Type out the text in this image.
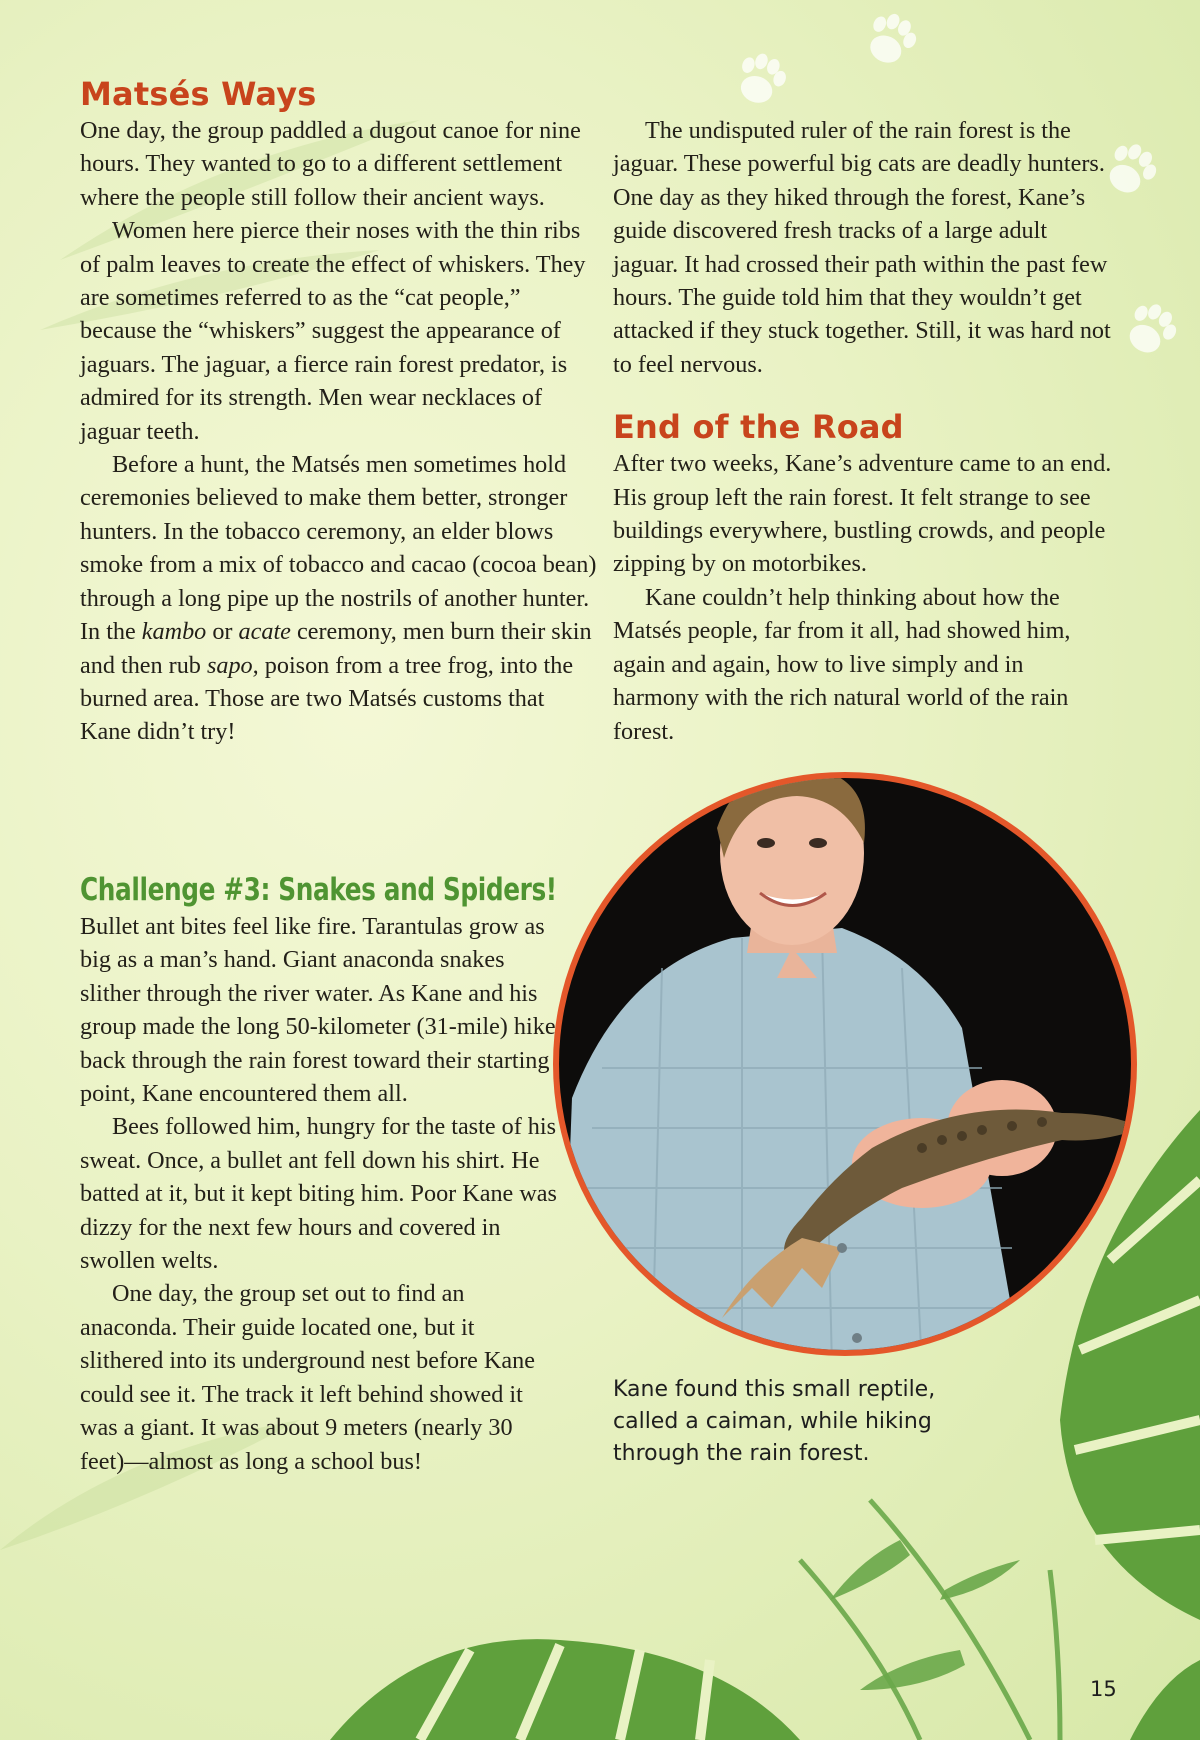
Matsés Ways

One day, the group paddled a dugout canoe for nine hours. They wanted to go to a different settlement where the people still follow their ancient ways.

Women here pierce their noses with the thin ribs of palm leaves to create the effect of whiskers. They are sometimes referred to as the “cat people,” because the “whiskers” suggest the appearance of jaguars. The jaguar, a fierce rain forest predator, is admired for its strength. Men wear necklaces of jaguar teeth.

Before a hunt, the Matsés men sometimes hold ceremonies believed to make them better, stronger hunters. In the tobacco ceremony, an elder blows smoke from a mix of tobacco and cacao (cocoa bean) through a long pipe up the nostrils of another hunter. In the kambo or acate ceremony, men burn their skin and then rub sapo, poison from a tree frog, into the burned area. Those are two Matsés customs that Kane didn’t try!

The undisputed ruler of the rain forest is the jaguar. These powerful big cats are deadly hunters. One day as they hiked through the forest, Kane’s guide discovered fresh tracks of a large adult jaguar. It had crossed their path within the past few hours. The guide told him that they wouldn’t get attacked if they stuck together. Still, it was hard not to feel nervous.

End of the Road

After two weeks, Kane’s adventure came to an end. His group left the rain forest. It felt strange to see buildings everywhere, bustling crowds, and people zipping by on motorbikes.

Kane couldn’t help thinking about how the Matsés people, far from it all, had showed him, again and again, how to live simply and in harmony with the rich natural world of the rain forest.

Challenge #3: Snakes and Spiders!

Bullet ant bites feel like fire. Tarantulas grow as big as a man’s hand. Giant anaconda snakes slither through the river water. As Kane and his group made the long 50-kilometer (31-mile) hike back through the rain forest toward their starting point, Kane encountered them all.

Bees followed him, hungry for the taste of his sweat. Once, a bullet ant fell down his shirt. He batted at it, but it kept biting him. Poor Kane was dizzy for the next few hours and covered in swollen welts.

One day, the group set out to find an anaconda. Their guide located one, but it slithered into its underground nest before Kane could see it. The track it left behind showed it was a giant. It was about 9 meters (nearly 30 feet)—almost as long a school bus!

Kane found this small reptile, called a caiman, while hiking through the rain forest.
15
